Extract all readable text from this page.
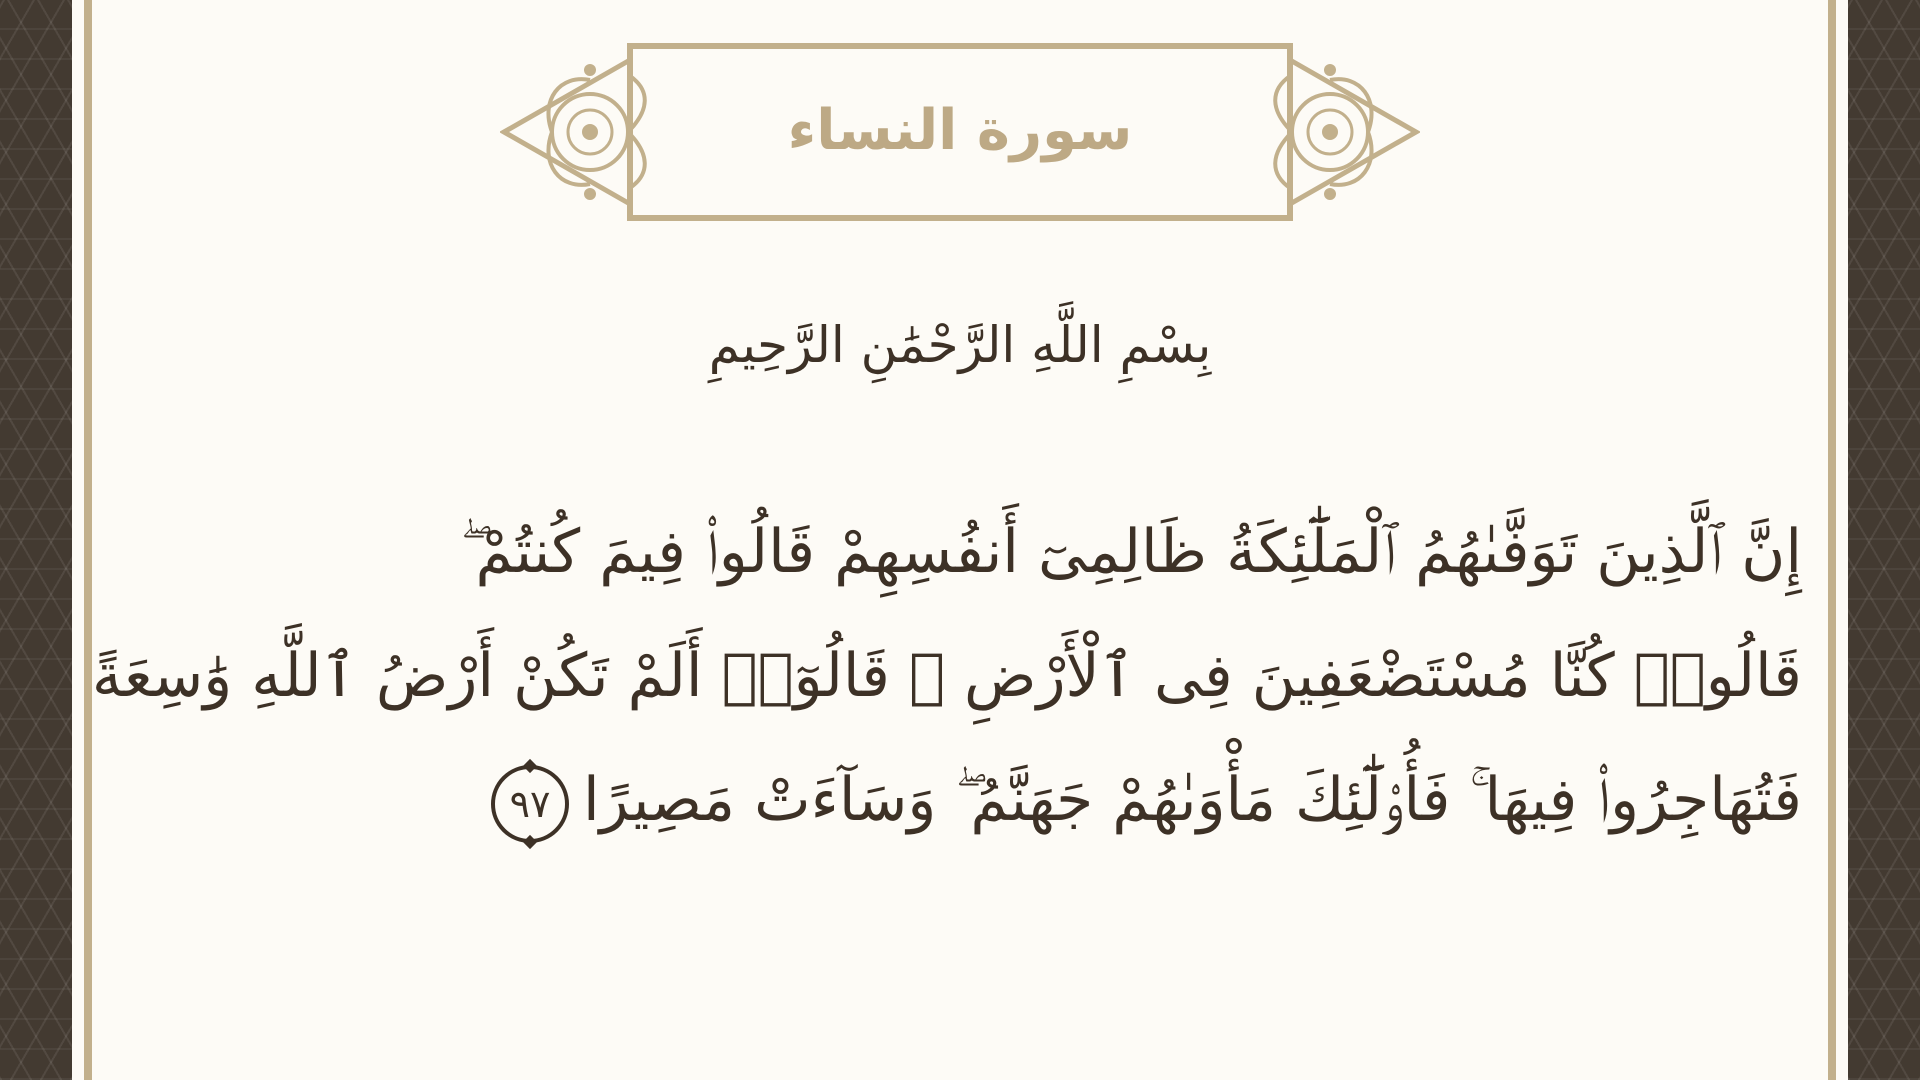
سورة النساء
بِسْمِ اللَّهِ الرَّحْمَٰنِ الرَّحِيمِ
إِنَّ ٱلَّذِينَ تَوَفَّىٰهُمُ ٱلْمَلَٰٓئِكَةُ ظَالِمِىٓ أَنفُسِهِمْ قَالُوا۟ فِيمَ كُنتُمْ ۖ
قَالُوا۟ كُنَّا مُسْتَضْعَفِينَ فِى ٱلْأَرْضِ ۚ قَالُوٓا۟ أَلَمْ تَكُنْ أَرْضُ ٱللَّهِ وَٰسِعَةً
فَتُهَاجِرُوا۟ فِيهَا ۚ فَأُو۟لَٰٓئِكَ مَأْوَىٰهُمْ جَهَنَّمُ ۖ وَسَآءَتْ مَصِيرًا٩٧
